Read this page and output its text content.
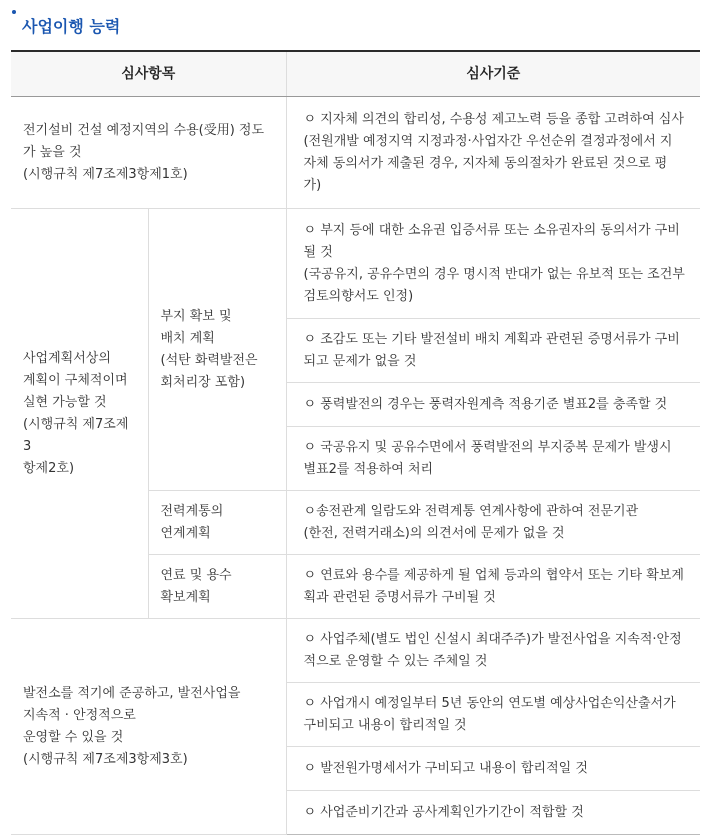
사업이행 능력
심사항목		심사기준

전기설비 건설 예정지역의 수용(受用) 정도
가 높을 것
(시행규칙 제7조제3항제1호)		ㅇ 지자체 의견의 합리성, 수용성 제고노력 등을 종합 고려하여 심사
(전원개발 예정지역 지정과정·사업자간 우선순위 결정과정에서 지
자체 동의서가 제출된 경우, 지자체 동의절차가 완료된 것으로 평
가)

사업계획서상의
계획이 구체적이며
실현 가능할 것
(시행규칙 제7조제3
항제2호)	부지 확보 및
배치 계획
(석탄 화력발전은
회처리장 포함)	ㅇ 부지 등에 대한 소유권 입증서류 또는 소유권자의 동의서가 구비
될 것
(국공유지, 공유수면의 경우 명시적 반대가 없는 유보적 또는 조건부
검토의향서도 인정)

		ㅇ 조감도 또는 기타 발전설비 배치 계획과 관련된 증명서류가 구비
되고 문제가 없을 것

		ㅇ 풍력발전의 경우는 풍력자원계측 적용기준 별표2를 충족할 것

		ㅇ 국공유지 및 공유수면에서 풍력발전의 부지중복 문제가 발생시
별표2를 적용하여 처리

	전력계통의
연계계획	ㅇ송전관계 일람도와 전력계통 연계사항에 관하여 전문기관
(한전, 전력거래소)의 의견서에 문제가 없을 것

	연료 및 용수
확보계획	ㅇ 연료와 용수를 제공하게 될 업체 등과의 협약서 또는 기타 확보계
획과 관련된 증명서류가 구비될 것

발전소를 적기에 준공하고, 발전사업을
지속적 · 안정적으로
운영할 수 있을 것
(시행규칙 제7조제3항제3호)		ㅇ 사업주체(별도 법인 신설시 최대주주)가 발전사업을 지속적·안정
적으로 운영할 수 있는 주체일 것

		ㅇ 사업개시 예정일부터 5년 동안의 연도별 예상사업손익산출서가
구비되고 내용이 합리적일 것

		ㅇ 발전원가명세서가 구비되고 내용이 합리적일 것

		ㅇ 사업준비기간과 공사계획인가기간이 적합할 것
